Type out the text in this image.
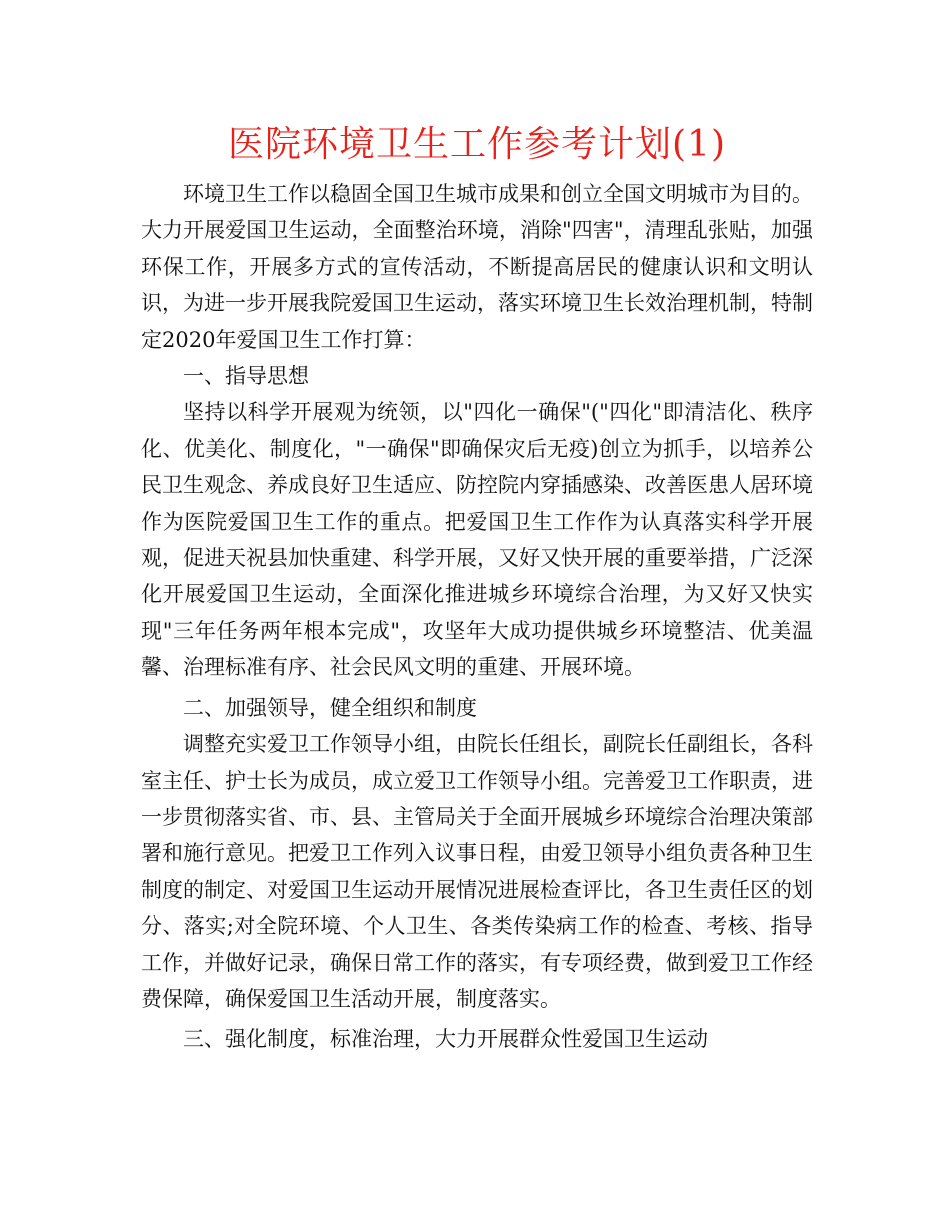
医院环境卫生工作参考计划(1)

环境卫生工作以稳固全国卫生城市成果和创立全国文明城市为目的。大力开展爱国卫生运动，全面整治环境，消除"四害"，清理乱张贴，加强环保工作，开展多方式的宣传活动，不断提高居民的健康认识和文明认识，为进一步开展我院爱国卫生运动，落实环境卫生长效治理机制，特制定2020年爱国卫生工作打算：

一、指导思想

坚持以科学开展观为统领，以"四化一确保"("四化"即清洁化、秩序化、优美化、制度化，"一确保"即确保灾后无疫)创立为抓手，以培养公民卫生观念、养成良好卫生适应、防控院内穿插感染、改善医患人居环境作为医院爱国卫生工作的重点。把爱国卫生工作作为认真落实科学开展观，促进天祝县加快重建、科学开展，又好又快开展的重要举措，广泛深化开展爱国卫生运动，全面深化推进城乡环境综合治理，为又好又快实现"三年任务两年根本完成"，攻坚年大成功提供城乡环境整洁、优美温馨、治理标准有序、社会民风文明的重建、开展环境。

二、加强领导，健全组织和制度

调整充实爱卫工作领导小组，由院长任组长，副院长任副组长，各科室主任、护士长为成员，成立爱卫工作领导小组。完善爱卫工作职责，进一步贯彻落实省、市、县、主管局关于全面开展城乡环境综合治理决策部署和施行意见。把爱卫工作列入议事日程，由爱卫领导小组负责各种卫生制度的制定、对爱国卫生运动开展情况进展检查评比，各卫生责任区的划分、落实;对全院环境、个人卫生、各类传染病工作的检查、考核、指导工作，并做好记录，确保日常工作的落实，有专项经费，做到爱卫工作经费保障，确保爱国卫生活动开展，制度落实。

三、强化制度，标准治理，大力开展群众性爱国卫生运动
